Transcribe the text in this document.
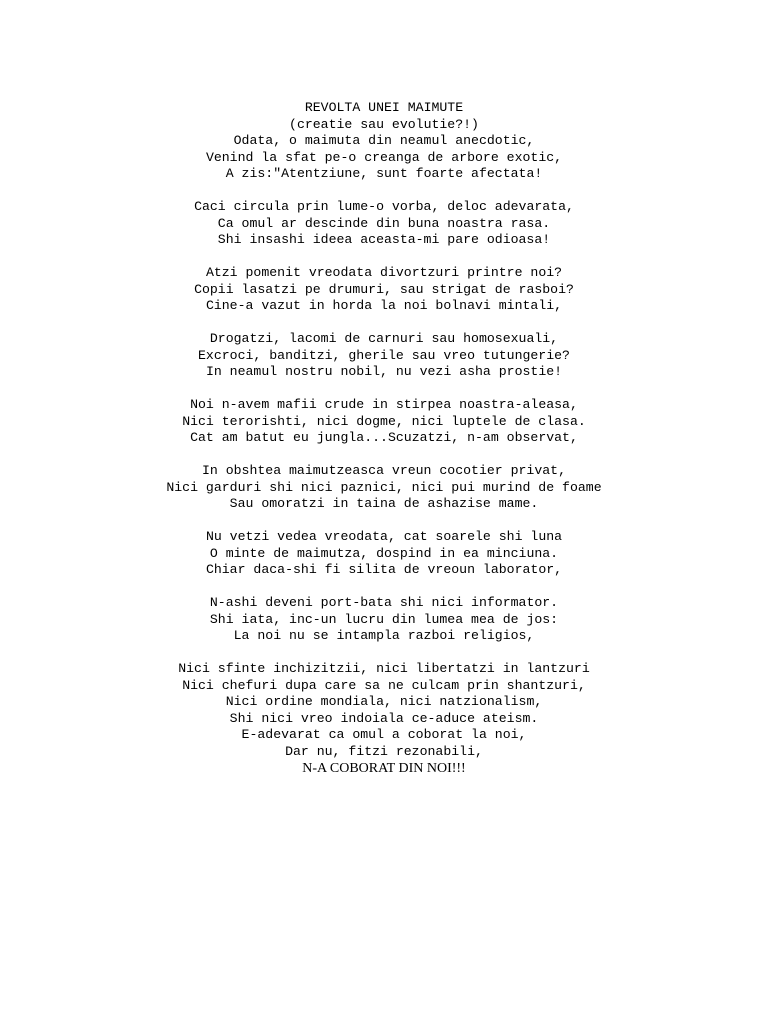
REVOLTA UNEI MAIMUTE
(creatie sau evolutie?!)
Odata, o maimuta din neamul anecdotic,
Venind la sfat pe-o creanga de arbore exotic,
A zis:"Atentziune, sunt foarte afectata!
Caci circula prin lume-o vorba, deloc adevarata,
Ca omul ar descinde din buna noastra rasa.
Shi insashi ideea aceasta-mi pare odioasa!
Atzi pomenit vreodata divortzuri printre noi?
Copii lasatzi pe drumuri, sau strigat de rasboi?
Cine-a vazut in horda la noi bolnavi mintali,
Drogatzi, lacomi de carnuri sau homosexuali,
Excroci, banditzi, gherile sau vreo tutungerie?
In neamul nostru nobil, nu vezi asha prostie!
Noi n-avem mafii crude in stirpea noastra-aleasa,
Nici terorishti, nici dogme, nici luptele de clasa.
Cat am batut eu jungla...Scuzatzi, n-am observat,
In obshtea maimutzeasca vreun cocotier privat,
Nici garduri shi nici paznici, nici pui murind de foame
Sau omoratzi in taina de ashazise mame.
Nu vetzi vedea vreodata, cat soarele shi luna
O minte de maimutza, dospind in ea minciuna.
Chiar daca-shi fi silita de vreoun laborator,
N-ashi deveni port-bata shi nici informator.
Shi iata, inc-un lucru din lumea mea de jos:
La noi nu se intampla razboi religios,
Nici sfinte inchizitzii, nici libertatzi in lantzuri
Nici chefuri dupa care sa ne culcam prin shantzuri,
Nici ordine mondiala, nici natzionalism,
Shi nici vreo indoiala ce-aduce ateism.
E-adevarat ca omul a coborat la noi,
Dar nu, fitzi rezonabili,
N-A COBORAT DIN NOI!!!
